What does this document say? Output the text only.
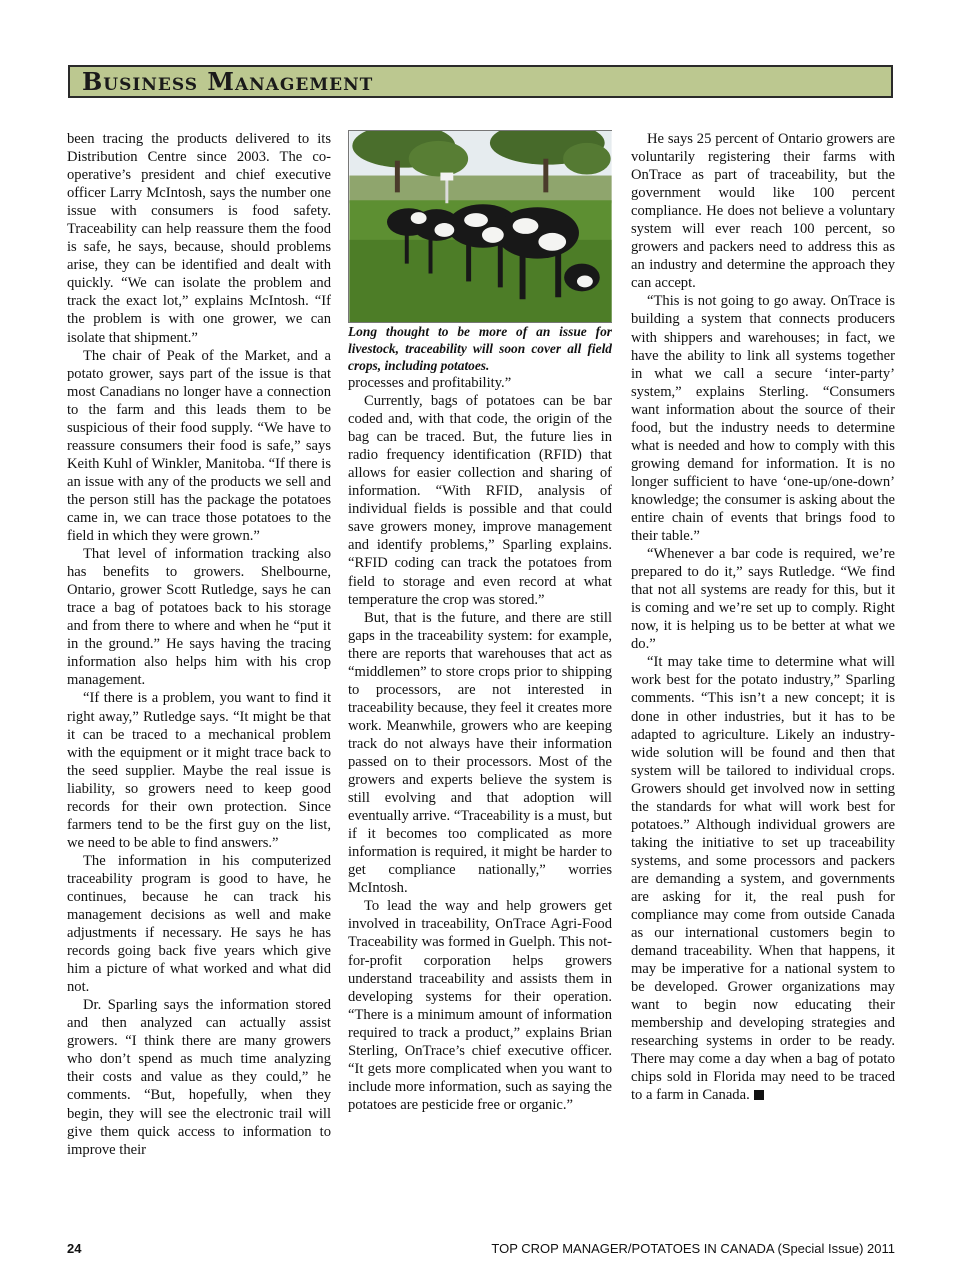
Business Management

been tracing the products delivered to its Distribution Centre since 2003. The co-operative’s president and chief executive officer Larry McIntosh, says the number one issue with consumers is food safety. Traceability can help reassure them the food is safe, he says, because, should problems arise, they can be identified and dealt with quickly. “We can isolate the problem and track the exact lot,” explains McIntosh. “If the problem is with one grower, we can isolate that shipment.”

The chair of Peak of the Market, and a potato grower, says part of the issue is that most Canadians no longer have a connection to the farm and this leads them to be suspicious of their food supply. “We have to reassure consumers their food is safe,” says Keith Kuhl of Winkler, Manitoba. “If there is an issue with any of the products we sell and the person still has the package the potatoes came in, we can trace those potatoes to the field in which they were grown.”

That level of information tracking also has benefits to growers. Shelbourne, Ontario, grower Scott Rutledge, says he can trace a bag of potatoes back to his storage and from there to where and when he “put it in the ground.” He says having the tracing information also helps him with his crop management.

“If there is a problem, you want to find it right away,” Rutledge says. “It might be that it can be traced to a mechanical problem with the equipment or it might trace back to the seed supplier. Maybe the real issue is liability, so growers need to keep good records for their own protection. Since farmers tend to be the first guy on the list, we need to be able to find answers.”

The information in his computerized traceability program is good to have, he continues, because he can track his management decisions as well and make adjustments if necessary. He says he has records going back five years which give him a picture of what worked and what did not.

Dr. Sparling says the information stored and then analyzed can actually assist growers. “I think there are many growers who don’t spend as much time analyzing their costs and value as they could,” he comments. “But, hopefully, when they begin, they will see the electronic trail will give them quick access to information to improve their

Long thought to be more of an issue for livestock, traceability will soon cover all field crops, including potatoes.

processes and profitability.”

Currently, bags of potatoes can be bar coded and, with that code, the origin of the bag can be traced. But, the future lies in radio frequency identification (RFID) that allows for easier collection and sharing of information. “With RFID, analysis of individual fields is possible and that could save growers money, improve management and identify problems,” Sparling explains. “RFID coding can track the potatoes from field to storage and even record at what temperature the crop was stored.”

But, that is the future, and there are still gaps in the traceability system: for example, there are reports that warehouses that act as “middlemen” to store crops prior to shipping to processors, are not interested in traceability because, they feel it creates more work. Meanwhile, growers who are keeping track do not always have their information passed on to their processors. Most of the growers and experts believe the system is still evolving and that adoption will eventually arrive. “Traceability is a must, but if it becomes too complicated as more information is required, it might be harder to get compliance nationally,” worries McIntosh.

To lead the way and help growers get involved in traceability, OnTrace Agri-Food Traceability was formed in Guelph. This not-for-profit corporation helps growers understand traceability and assists them in developing systems for their operation. “There is a minimum amount of information required to track a product,” explains Brian Sterling, OnTrace’s chief executive officer. “It gets more complicated when you want to include more information, such as saying the potatoes are pesticide free or organic.”

He says 25 percent of Ontario growers are voluntarily registering their farms with OnTrace as part of traceability, but the government would like 100 percent compliance. He does not believe a voluntary system will ever reach 100 percent, so growers and packers need to address this as an industry and determine the approach they can accept.

“This is not going to go away. OnTrace is building a system that connects producers with shippers and warehouses; in fact, we have the ability to link all systems together in what we call a secure ‘inter-party’ system,” explains Sterling. “Consumers want information about the source of their food, but the industry needs to determine what is needed and how to comply with this growing demand for information. It is no longer sufficient to have ‘one-up/one-down’ knowledge; the consumer is asking about the entire chain of events that brings food to their table.”

“Whenever a bar code is required, we’re prepared to do it,” says Rutledge. “We find that not all systems are ready for this, but it is coming and we’re set up to comply. Right now, it is helping us to be better at what we do.”

“It may take time to determine what will work best for the potato industry,” Sparling comments. “This isn’t a new concept; it is done in other industries, but it has to be adapted to agriculture. Likely an industry-wide solution will be found and then that system will be tailored to individual crops. Growers should get involved now in setting the standards for what will work best for potatoes.” Although individual growers are taking the initiative to set up traceability systems, and some processors and packers are demanding a system, and governments are asking for it, the real push for compliance may come from outside Canada as our international customers begin to demand traceability. When that happens, it may be imperative for a national system to be developed. Grower organizations may want to begin now educating their membership and developing strategies and researching systems in order to be ready. There may come a day when a bag of potato chips sold in Florida may need to be traced to a farm in Canada.

24	TOP CROP MANAGER/POTATOES IN CANADA (Special Issue) 2011
